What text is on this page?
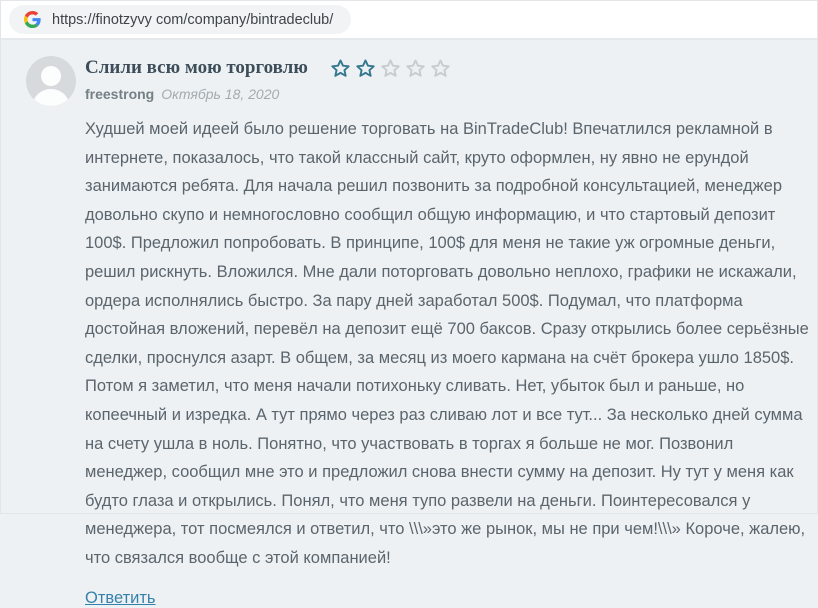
https://finotzyvy com/company/bintradeclub/
Слили всю мою торговлю
freestrong Октябрь 18, 2020
Худшей моей идеей было решение торговать на BinTradeClub! Впечатлился рекламной в интернете, показалось, что такой классный сайт, круто оформлен, ну явно не ерундой занимаются ребята. Для начала решил позвонить за подробной консультацией, менеджер довольно скупо и немногословно сообщил общую информацию, и что стартовый депозит 100$. Предложил попробовать. В принципе, 100$ для меня не такие уж огромные деньги, решил рискнуть. Вложился. Мне дали поторговать довольно неплохо, графики не искажали, ордера исполнялись быстро. За пару дней заработал 500$. Подумал, что платформа достойная вложений, перевёл на депозит ещё 700 баксов. Сразу открылись более серьёзные сделки, проснулся азарт. В общем, за месяц из моего кармана на счёт брокера ушло 1850$. Потом я заметил, что меня начали потихоньку сливать. Нет, убыток был и раньше, но копеечный и изредка. А тут прямо через раз сливаю лот и все тут... За несколько дней сумма на счету ушла в ноль. Понятно, что участвовать в торгах я больше не мог. Позвонил менеджер, сообщил мне это и предложил снова внести сумму на депозит. Ну тут у меня как будто глаза и открылись. Понял, что меня тупо развели на деньги. Поинтересовался у менеджера, тот посмеялся и ответил, что \\\»это же рынок, мы не при чем!\\\» Короче, жалею, что связался вообще с этой компанией!
Ответить
